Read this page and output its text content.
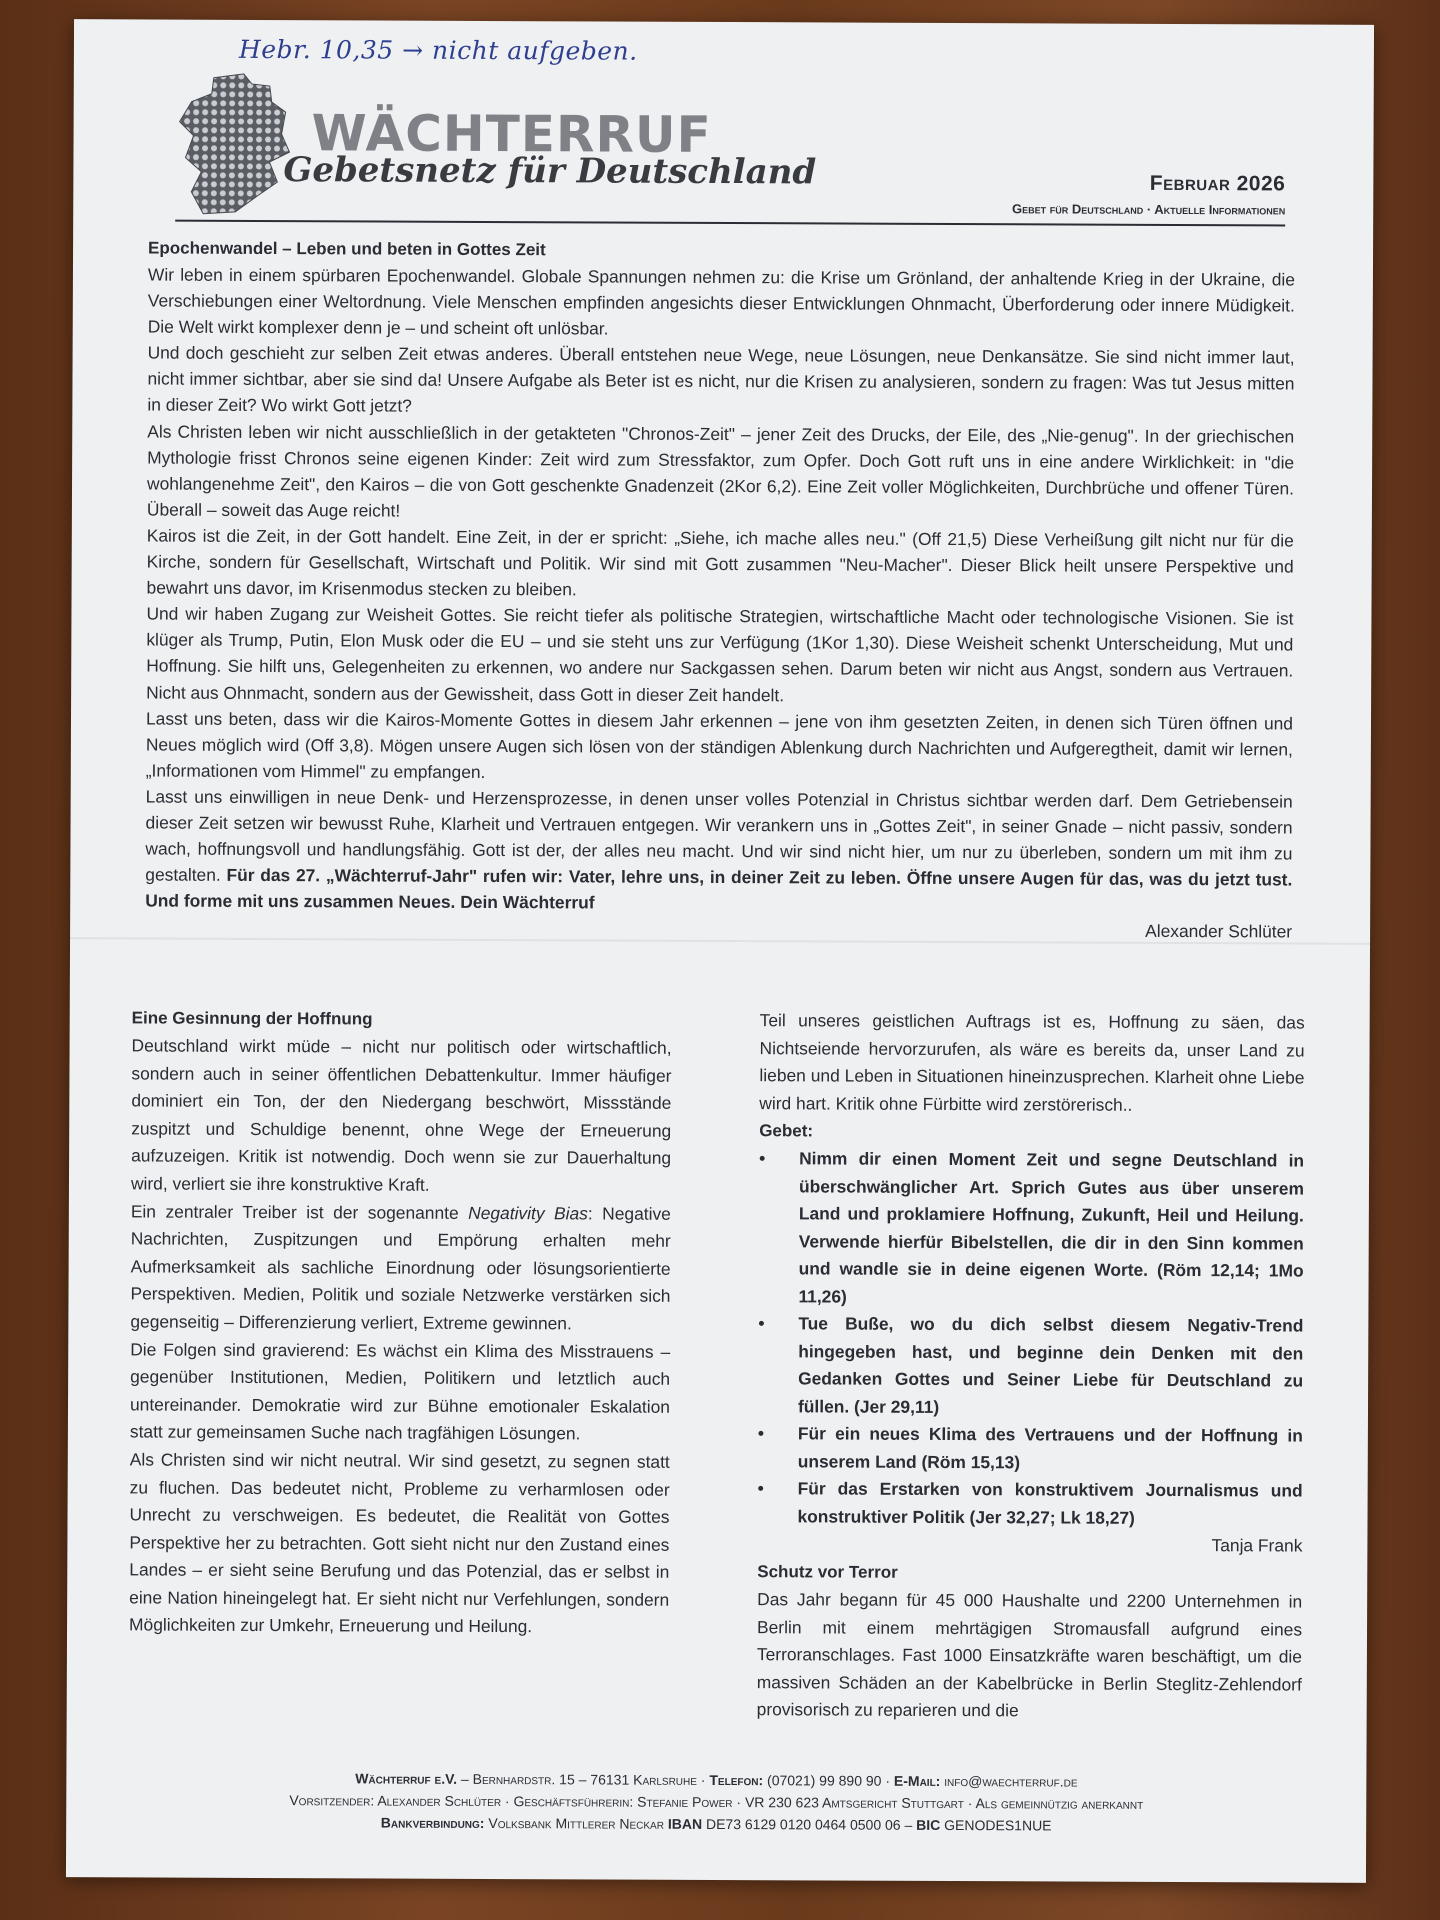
Hebr. 10,35 → nicht aufgeben.
WÄCHTERRUF
Gebetsnetz für Deutschland	Februar 2026
Gebet für Deutschland · Aktuelle Informationen
Epochenwandel – Leben und beten in Gottes Zeit

Wir leben in einem spürbaren Epochenwandel. Globale Spannungen nehmen zu: die Krise um Grönland, der anhaltende Krieg in der Ukraine, die Verschiebungen einer Weltordnung. Viele Menschen empfinden angesichts dieser Entwicklungen Ohnmacht, Überforderung oder innere Müdigkeit. Die Welt wirkt komplexer denn je – und scheint oft unlösbar.

Und doch geschieht zur selben Zeit etwas anderes. Überall entstehen neue Wege, neue Lösungen, neue Denkansätze. Sie sind nicht immer laut, nicht immer sichtbar, aber sie sind da! Unsere Aufgabe als Beter ist es nicht, nur die Krisen zu analysieren, sondern zu fragen: Was tut Jesus mitten in dieser Zeit? Wo wirkt Gott jetzt?

Als Christen leben wir nicht ausschließlich in der getakteten "Chronos-Zeit" – jener Zeit des Drucks, der Eile, des „Nie-genug". In der griechischen Mythologie frisst Chronos seine eigenen Kinder: Zeit wird zum Stressfaktor, zum Opfer. Doch Gott ruft uns in eine andere Wirklichkeit: in "die wohlangenehme Zeit", den Kairos – die von Gott geschenkte Gnadenzeit (2Kor 6,2). Eine Zeit voller Möglichkeiten, Durchbrüche und offener Türen. Überall – soweit das Auge reicht!

Kairos ist die Zeit, in der Gott handelt. Eine Zeit, in der er spricht: „Siehe, ich mache alles neu." (Off 21,5) Diese Verheißung gilt nicht nur für die Kirche, sondern für Gesellschaft, Wirtschaft und Politik. Wir sind mit Gott zusammen "Neu-Macher". Dieser Blick heilt unsere Perspektive und bewahrt uns davor, im Krisenmodus stecken zu bleiben.

Und wir haben Zugang zur Weisheit Gottes. Sie reicht tiefer als politische Strategien, wirtschaftliche Macht oder technologische Visionen. Sie ist klüger als Trump, Putin, Elon Musk oder die EU – und sie steht uns zur Verfügung (1Kor 1,30). Diese Weisheit schenkt Unterscheidung, Mut und Hoffnung. Sie hilft uns, Gelegenheiten zu erkennen, wo andere nur Sackgassen sehen. Darum beten wir nicht aus Angst, sondern aus Vertrauen. Nicht aus Ohnmacht, sondern aus der Gewissheit, dass Gott in dieser Zeit handelt.

Lasst uns beten, dass wir die Kairos-Momente Gottes in diesem Jahr erkennen – jene von ihm gesetzten Zeiten, in denen sich Türen öffnen und Neues möglich wird (Off 3,8). Mögen unsere Augen sich lösen von der ständigen Ablenkung durch Nachrichten und Aufgeregtheit, damit wir lernen, „Informationen vom Himmel" zu empfangen.

Lasst uns einwilligen in neue Denk- und Herzensprozesse, in denen unser volles Potenzial in Christus sichtbar werden darf. Dem Getriebensein dieser Zeit setzen wir bewusst Ruhe, Klarheit und Vertrauen entgegen. Wir verankern uns in „Gottes Zeit", in seiner Gnade – nicht passiv, sondern wach, hoffnungsvoll und handlungsfähig. Gott ist der, der alles neu macht. Und wir sind nicht hier, um nur zu überleben, sondern um mit ihm zu gestalten. Für das 27. „Wächterruf-Jahr" rufen wir: Vater, lehre uns, in deiner Zeit zu leben. Öffne unsere Augen für das, was du jetzt tust. Und forme mit uns zusammen Neues. Dein Wächterruf

Alexander Schlüter

Eine Gesinnung der Hoffnung

Deutschland wirkt müde – nicht nur politisch oder wirtschaftlich, sondern auch in seiner öffentlichen Debattenkultur. Immer häufiger dominiert ein Ton, der den Niedergang beschwört, Missstände zuspitzt und Schuldige benennt, ohne Wege der Erneuerung aufzuzeigen. Kritik ist notwendig. Doch wenn sie zur Dauerhaltung wird, verliert sie ihre konstruktive Kraft.

Ein zentraler Treiber ist der sogenannte Negativity Bias: Negative Nachrichten, Zuspitzungen und Empörung erhalten mehr Aufmerksamkeit als sachliche Einordnung oder lösungsorientierte Perspektiven. Medien, Politik und soziale Netzwerke verstärken sich gegenseitig – Differenzierung verliert, Extreme gewinnen.

Die Folgen sind gravierend: Es wächst ein Klima des Misstrauens – gegenüber Institutionen, Medien, Politikern und letztlich auch untereinander. Demokratie wird zur Bühne emotionaler Eskalation statt zur gemeinsamen Suche nach tragfähigen Lösungen.

Als Christen sind wir nicht neutral. Wir sind gesetzt, zu segnen statt zu fluchen. Das bedeutet nicht, Probleme zu verharmlosen oder Unrecht zu verschweigen. Es bedeutet, die Realität von Gottes Perspektive her zu betrachten. Gott sieht nicht nur den Zustand eines Landes – er sieht seine Berufung und das Potenzial, das er selbst in eine Nation hineingelegt hat. Er sieht nicht nur Verfehlungen, sondern Möglichkeiten zur Umkehr, Erneuerung und Heilung.

Teil unseres geistlichen Auftrags ist es, Hoffnung zu säen, das Nichtseiende hervorzurufen, als wäre es bereits da, unser Land zu lieben und Leben in Situationen hineinzusprechen. Klarheit ohne Liebe wird hart. Kritik ohne Fürbitte wird zerstörerisch..

Gebet:
• Nimm dir einen Moment Zeit und segne Deutschland in überschwänglicher Art. Sprich Gutes aus über unserem Land und proklamiere Hoffnung, Zukunft, Heil und Heilung. Verwende hierfür Bibelstellen, die dir in den Sinn kommen und wandle sie in deine eigenen Worte. (Röm 12,14; 1Mo 11,26)
• Tue Buße, wo du dich selbst diesem Negativ-Trend hingegeben hast, und beginne dein Denken mit den Gedanken Gottes und Seiner Liebe für Deutschland zu füllen. (Jer 29,11)
• Für ein neues Klima des Vertrauens und der Hoffnung in unserem Land (Röm 15,13)
• Für das Erstarken von konstruktivem Journalismus und konstruktiver Politik (Jer 32,27; Lk 18,27)

Tanja Frank

Schutz vor Terror

Das Jahr begann für 45 000 Haushalte und 2200 Unternehmen in Berlin mit einem mehrtägigen Stromausfall aufgrund eines Terroranschlages. Fast 1000 Einsatzkräfte waren beschäftigt, um die massiven Schäden an der Kabelbrücke in Berlin Steglitz-Zehlendorf provisorisch zu reparieren und die

Wächterruf e.V. – Bernhardstr. 15 – 76131 Karlsruhe · Telefon: (07021) 99 890 90 · E-Mail: info@waechterruf.de
Vorsitzender: Alexander Schlüter · Geschäftsführerin: Stefanie Power · VR 230 623 Amtsgericht Stuttgart · Als gemeinnützig anerkannt
Bankverbindung: Volksbank Mittlerer Neckar IBAN DE73 6129 0120 0464 0500 06 – BIC GENODES1NUE
